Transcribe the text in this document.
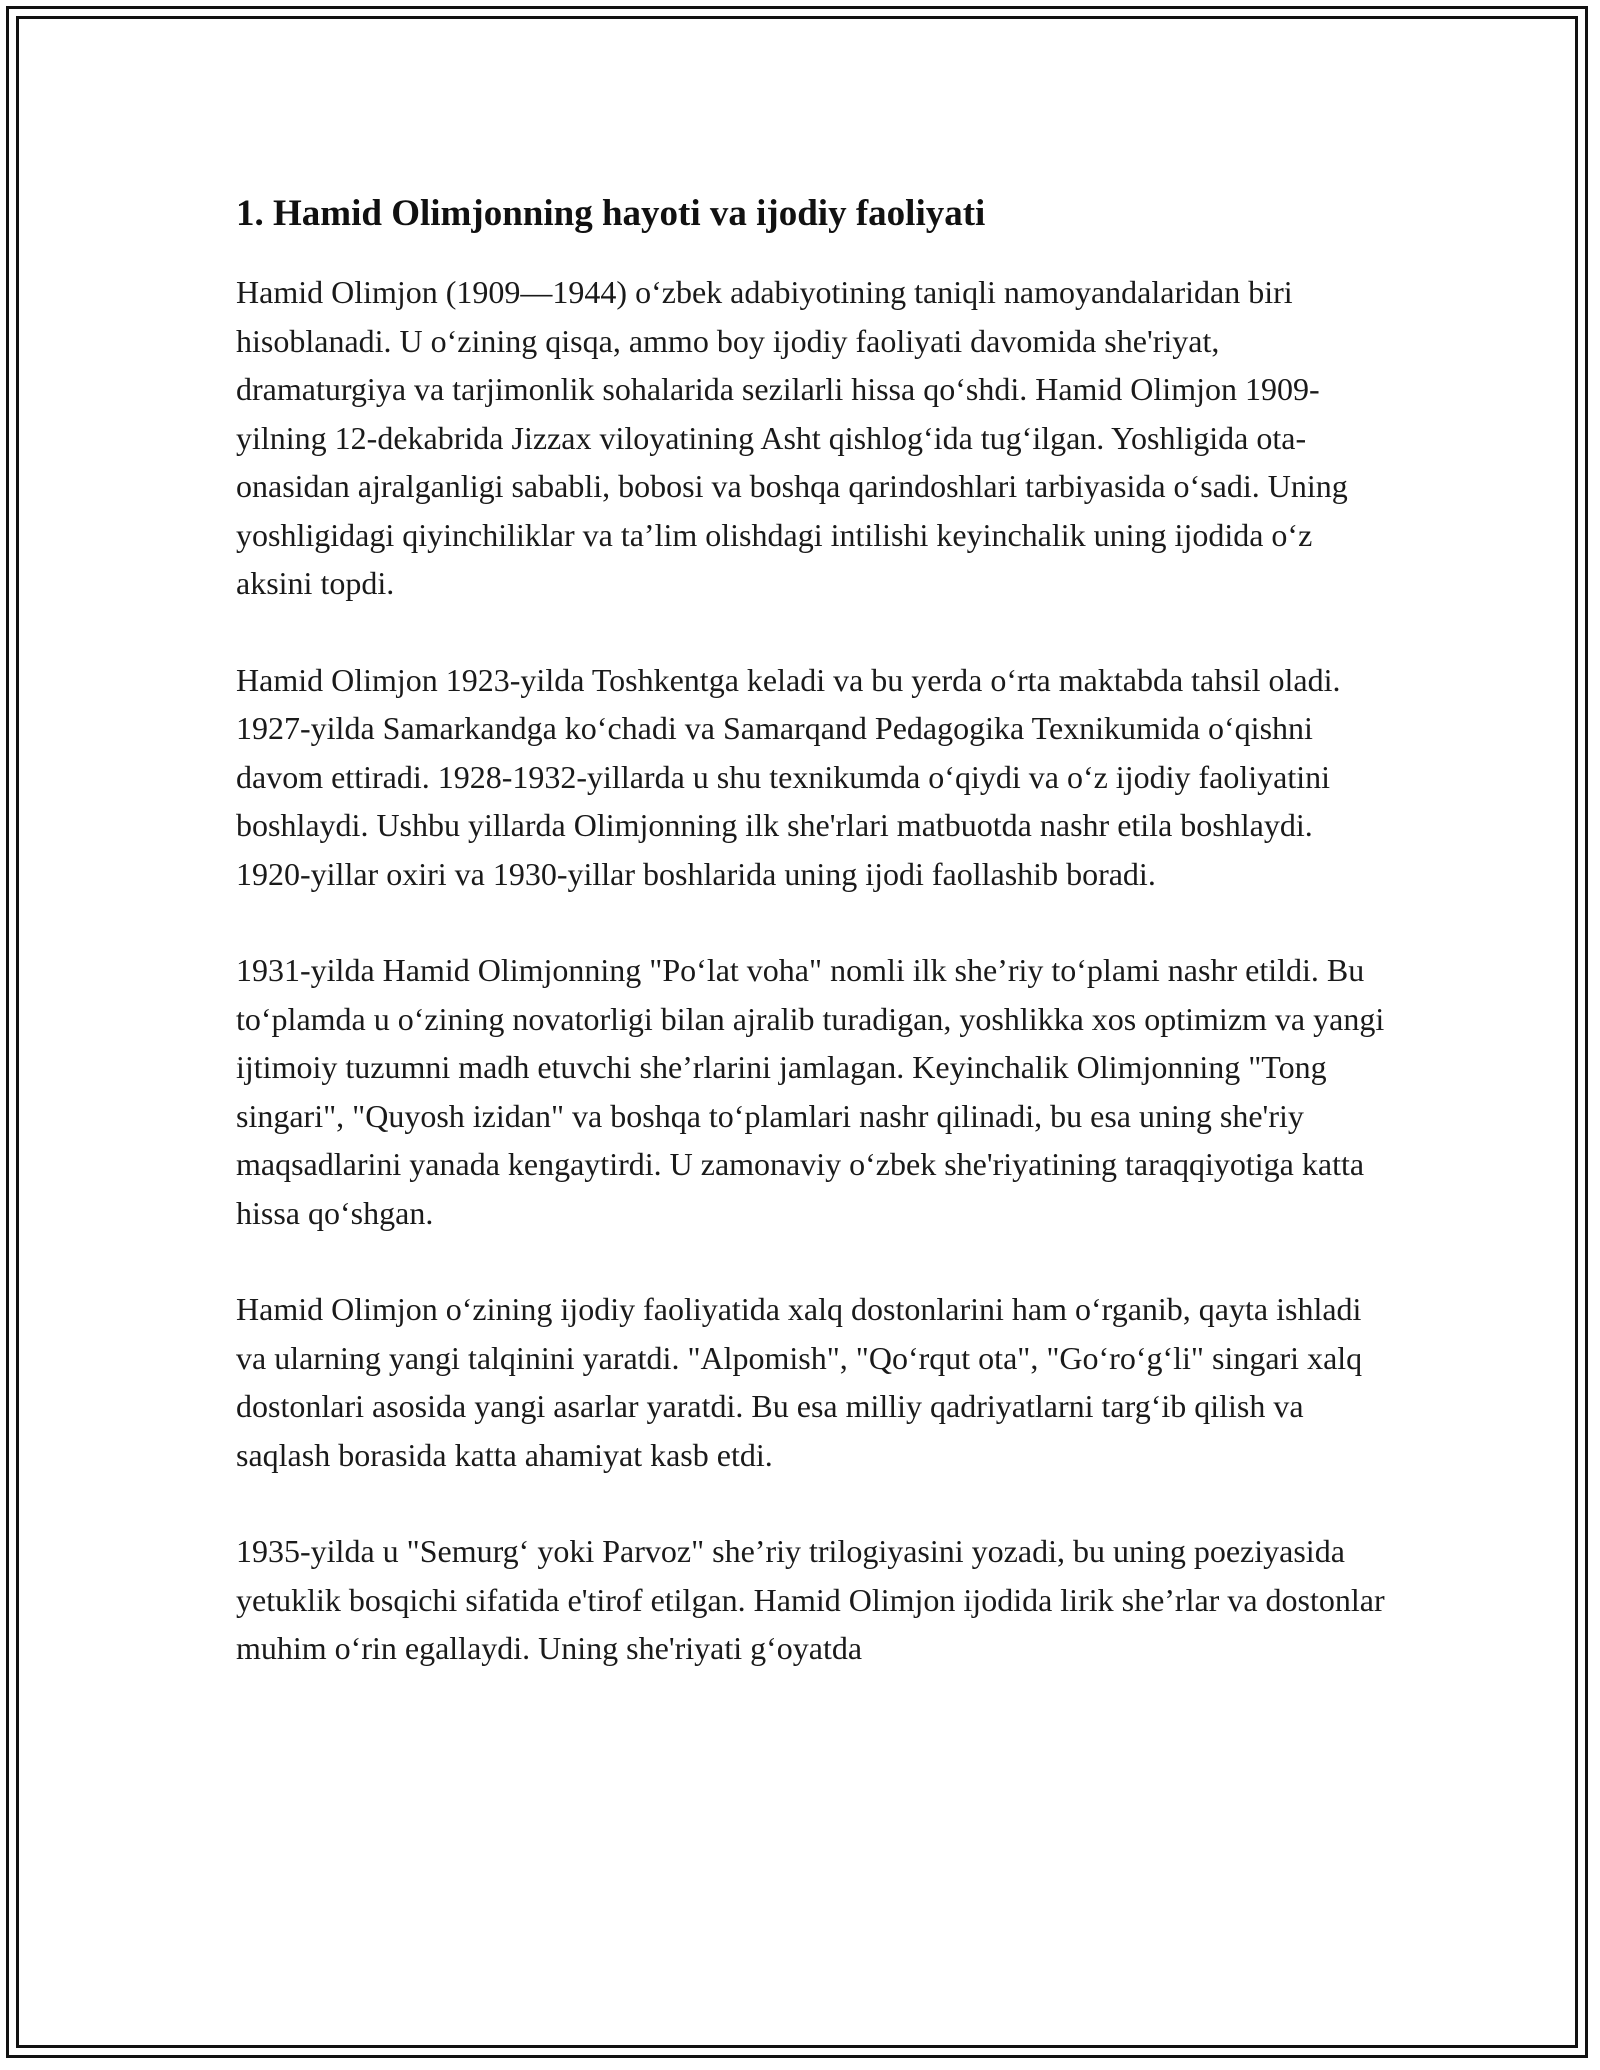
1. Hamid Olimjonning hayoti va ijodiy faoliyati

Hamid Olimjon (1909—1944) o‘zbek adabiyotining taniqli namoyandalaridan biri hisoblanadi. U o‘zining qisqa, ammo boy ijodiy faoliyati davomida she'riyat, dramaturgiya va tarjimonlik sohalarida sezilarli hissa qo‘shdi. Hamid Olimjon 1909-yilning 12-dekabrida Jizzax viloyatining Asht qishlog‘ida tug‘ilgan. Yoshligida ota-onasidan ajralganligi sababli, bobosi va boshqa qarindoshlari tarbiyasida o‘sadi. Uning yoshligidagi qiyinchiliklar va ta’lim olishdagi intilishi keyinchalik uning ijodida o‘z aksini topdi.

Hamid Olimjon 1923-yilda Toshkentga keladi va bu yerda o‘rta maktabda tahsil oladi. 1927-yilda Samarkandga ko‘chadi va Samarqand Pedagogika Texnikumida o‘qishni davom ettiradi. 1928-1932-yillarda u shu texnikumda o‘qiydi va o‘z ijodiy faoliyatini boshlaydi. Ushbu yillarda Olimjonning ilk she'rlari matbuotda nashr etila boshlaydi. 1920-yillar oxiri va 1930-yillar boshlarida uning ijodi faollashib boradi.

1931-yilda Hamid Olimjonning "Po‘lat voha" nomli ilk she’riy to‘plami nashr etildi. Bu to‘plamda u o‘zining novatorligi bilan ajralib turadigan, yoshlikka xos optimizm va yangi ijtimoiy tuzumni madh etuvchi she’rlarini jamlagan. Keyinchalik Olimjonning "Tong singari", "Quyosh izidan" va boshqa to‘plamlari nashr qilinadi, bu esa uning she'riy maqsadlarini yanada kengaytirdi. U zamonaviy o‘zbek she'riyatining taraqqiyotiga katta hissa qo‘shgan.

Hamid Olimjon o‘zining ijodiy faoliyatida xalq dostonlarini ham o‘rganib, qayta ishladi va ularning yangi talqinini yaratdi. "Alpomish", "Qo‘rqut ota", "Go‘ro‘g‘li" singari xalq dostonlari asosida yangi asarlar yaratdi. Bu esa milliy qadriyatlarni targ‘ib qilish va saqlash borasida katta ahamiyat kasb etdi.

1935-yilda u "Semurg‘ yoki Parvoz" she’riy trilogiyasini yozadi, bu uning poeziyasida yetuklik bosqichi sifatida e'tirof etilgan. Hamid Olimjon ijodida lirik she’rlar va dostonlar muhim o‘rin egallaydi. Uning she'riyati g‘oyatda
